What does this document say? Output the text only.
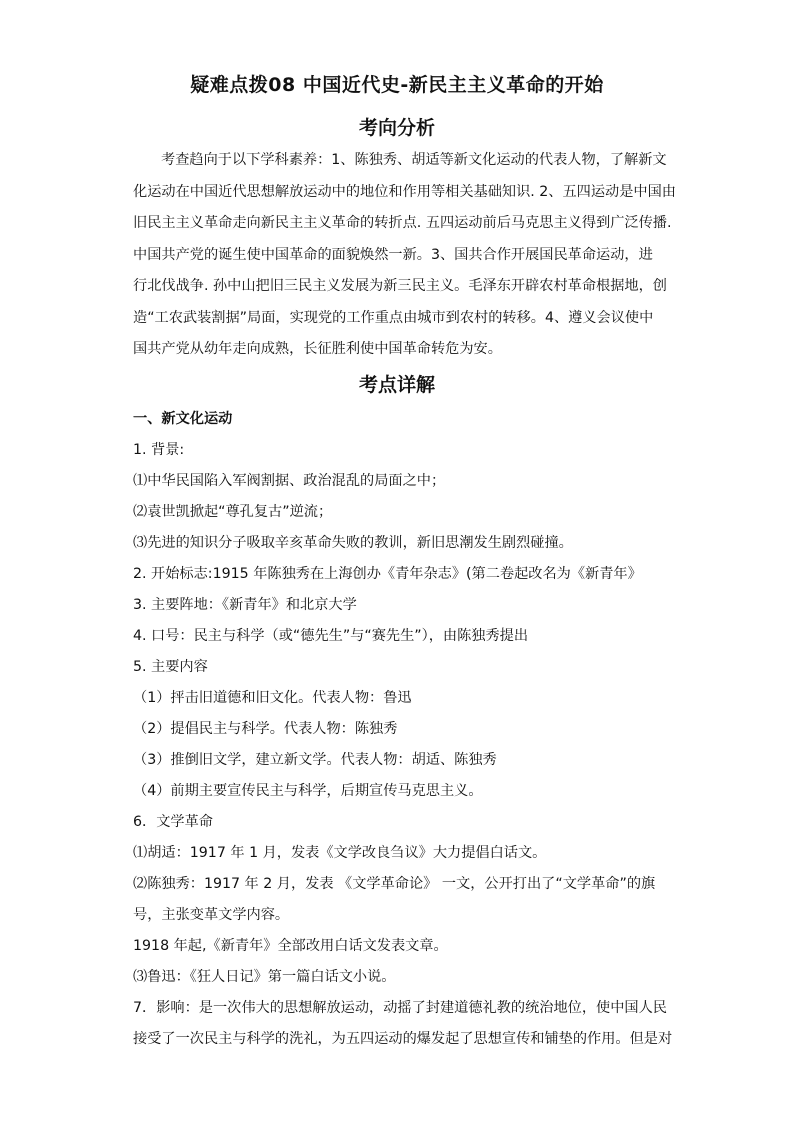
疑难点拨08 中国近代史-新民主主义革命的开始
考向分析

考查趋向于以下学科素养：1、陈独秀、胡适等新文化运动的代表人物，了解新文

化运动在中国近代思想解放运动中的地位和作用等相关基础知识. 2、五四运动是中国由

旧民主主义革命走向新民主主义革命的转折点. 五四运动前后马克思主义得到广泛传播.

中国共产党的诞生使中国革命的面貌焕然一新。3、国共合作开展国民革命运动，进

行北伐战争. 孙中山把旧三民主义发展为新三民主义。毛泽东开辟农村革命根据地，创

造“工农武装割据”局面，实现党的工作重点由城市到农村的转移。4、遵义会议使中

国共产党从幼年走向成熟，长征胜利使中国革命转危为安。

考点详解

一、新文化运动

1. 背景:

⑴中华民国陷入军阀割据、政治混乱的局面之中；

⑵袁世凯掀起“尊孔复古”逆流；

⑶先进的知识分子吸取辛亥革命失败的教训，新旧思潮发生剧烈碰撞。

2. 开始标志:1915 年陈独秀在上海创办《青年杂志》(第二卷起改名为《新青年》

3. 主要阵地：《新青年》和北京大学

4. 口号：民主与科学（或“德先生”与“赛先生”），由陈独秀提出

5. 主要内容

（1）抨击旧道德和旧文化。代表人物：鲁迅

（2）提倡民主与科学。代表人物：陈独秀

（3）推倒旧文学，建立新文学。代表人物：胡适、陈独秀

（4）前期主要宣传民主与科学，后期宣传马克思主义。

6．文学革命

⑴胡适：1917 年 1 月，发表《文学改良刍议》大力提倡白话文。

⑵陈独秀：1917 年 2 月，发表 《文学革命论》 一文，公开打出了“文学革命”的旗

号，主张变革文学内容。

1918 年起,《新青年》全部改用白话文发表文章。

⑶鲁迅：《狂人日记》第一篇白话文小说。

7．影响：是一次伟大的思想解放运动，动摇了封建道德礼教的统治地位，使中国人民

接受了一次民主与科学的洗礼，为五四运动的爆发起了思想宣传和铺垫的作用。但是对
